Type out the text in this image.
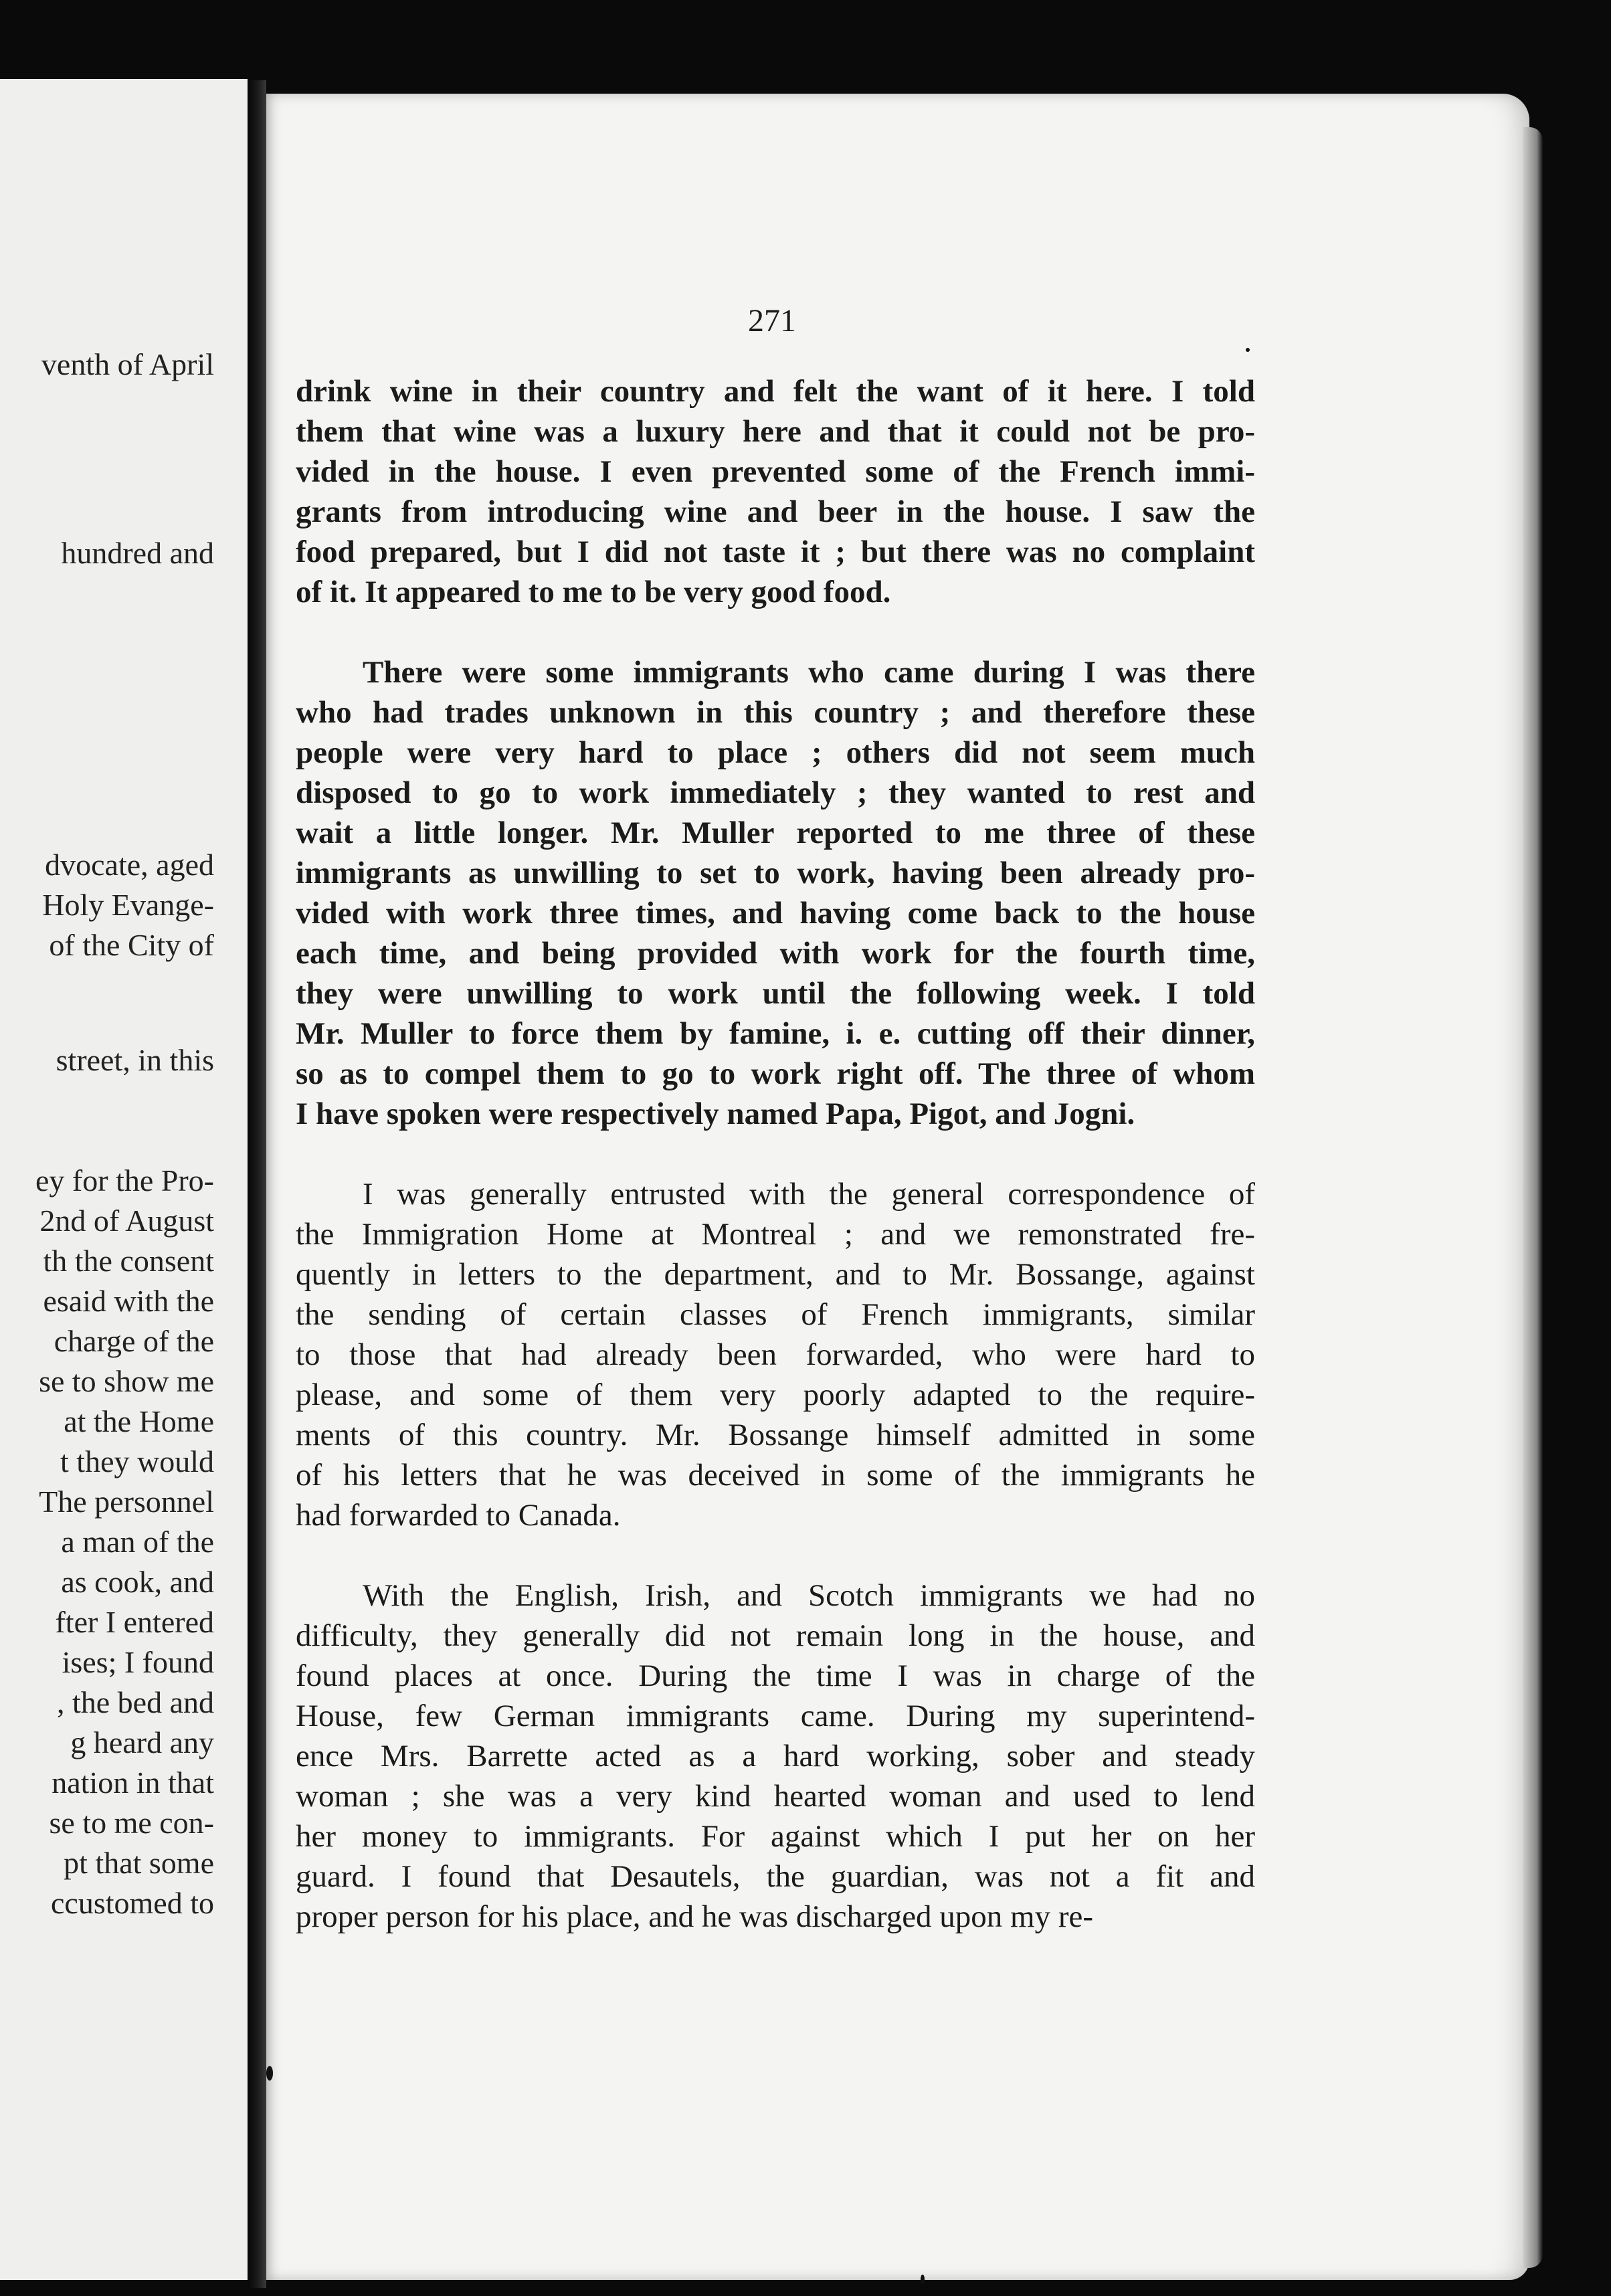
venth of April
hundred and
dvocate, aged
Holy Evange-
of the City of
street, in this
ey for the Pro-
2nd of August
th the consent
esaid with the
charge of the
se to show me
at the Home
t they would
The personnel
a man of the
as cook, and
fter I entered
ises; I found
, the bed and
g heard any
nation in that
se to me con-
pt that some
ccustomed to
271
drink wine in their country and felt the want of it here. I told
them that wine was a luxury here and that it could not be pro-
vided in the house. I even prevented some of the French immi-
grants from introducing wine and beer in the house. I saw the
food prepared, but I did not taste it ; but there was no complaint
of it. It appeared to me to be very good food.
There were some immigrants who came during I was there
who had trades unknown in this country ; and therefore these
people were very hard to place ; others did not seem much
disposed to go to work immediately ; they wanted to rest and
wait a little longer. Mr. Muller reported to me three of these
immigrants as unwilling to set to work, having been already pro-
vided with work three times, and having come back to the house
each time, and being provided with work for the fourth time,
they were unwilling to work until the following week. I told
Mr. Muller to force them by famine, i. e. cutting off their dinner,
so as to compel them to go to work right off. The three of whom
I have spoken were respectively named Papa, Pigot, and Jogni.
I was generally entrusted with the general correspondence of
the Immigration Home at Montreal ; and we remonstrated fre-
quently in letters to the department, and to Mr. Bossange, against
the sending of certain classes of French immigrants, similar
to those that had already been forwarded, who were hard to
please, and some of them very poorly adapted to the require-
ments of this country. Mr. Bossange himself admitted in some
of his letters that he was deceived in some of the immigrants he
had forwarded to Canada.
With the English, Irish, and Scotch immigrants we had no
difficulty, they generally did not remain long in the house, and
found places at once. During the time I was in charge of the
House, few German immigrants came. During my superintend-
ence Mrs. Barrette acted as a hard working, sober and steady
woman ; she was a very kind hearted woman and used to lend
her money to immigrants. For against which I put her on her
guard. I found that Desautels, the guardian, was not a fit and
proper person for his place, and he was discharged upon my re-
